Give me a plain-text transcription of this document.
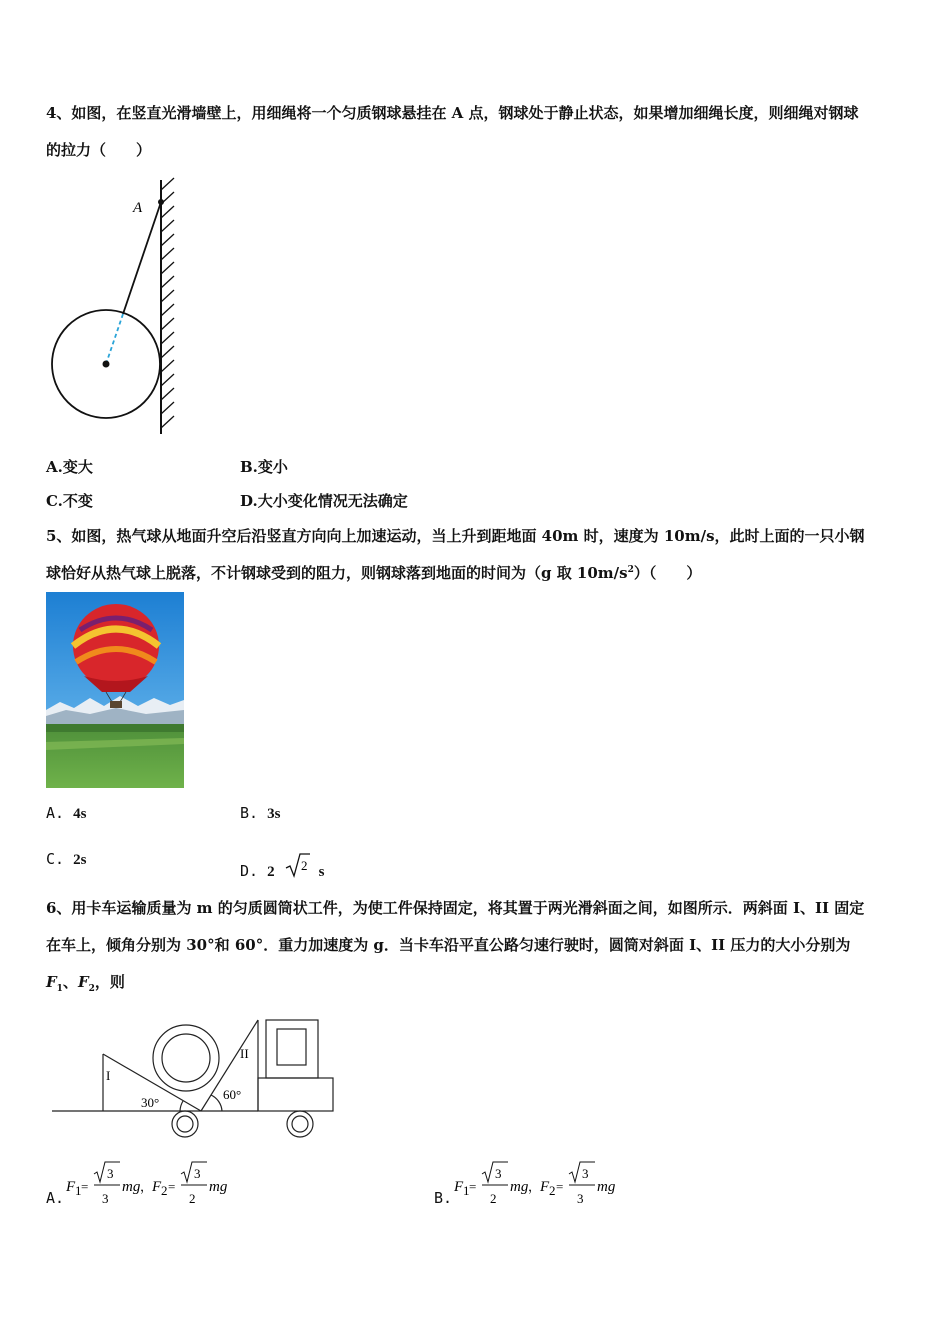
4、如图，在竖直光滑墙壁上，用细绳将一个匀质钢球悬挂在 A 点，钢球处于静止状态，如果增加细绳长度，则细绳对钢球
的拉力（　　）
A
A.变大	B.变小
C.不变	D.大小变化情况无法确定
5、如图，热气球从地面升空后沿竖直方向向上加速运动，当上升到距地面 40m 时，速度为 10m/s，此时上面的一只小钢
球恰好从热气球上脱落，不计钢球受到的阻力，则钢球落到地面的时间为（g 取 $10m/s^2$）（　　）
A. 4s	B. 3s
C. 2s
D. 2 2 s
6、用卡车运输质量为 m 的匀质圆筒状工件，为使工件保持固定，将其置于两光滑斜面之间，如图所示．两斜面 I、II 固定
在车上，倾角分别为 30°和 60°．重力加速度为 g．当卡车沿平直公路匀速行驶时，圆筒对斜面 I、II 压力的大小分别为
$F_1$、$F_2$，则
I
II
30°
60°
A.
F 1 =
3
3
mg ，
F 2 =
3
2
mg
B.
F 1 =
3
2
mg ，
F 2 =
3
3
mg
